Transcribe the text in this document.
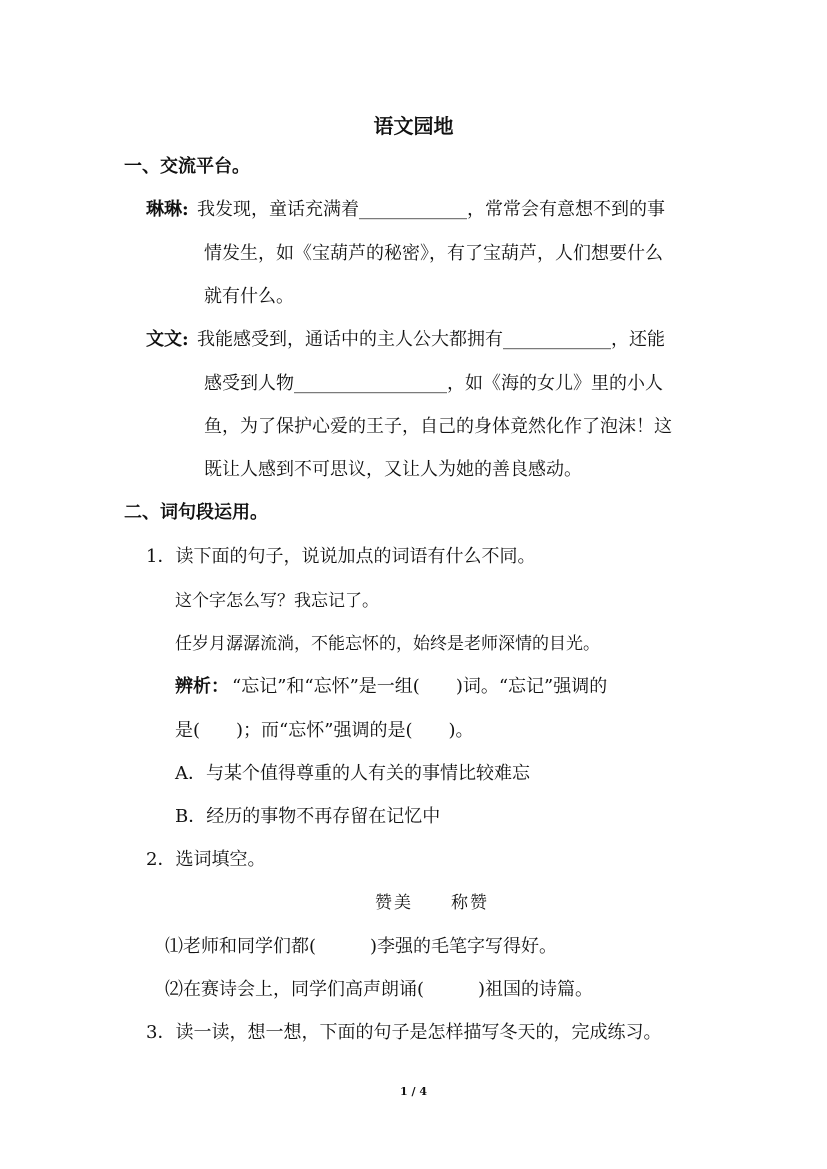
语文园地
一、交流平台。
琳琳: 我发现，童话充满着____________，常常会有意想不到的事
情发生，如《宝葫芦的秘密》，有了宝葫芦，人们想要什么
就有什么。
文文: 我能感受到，通话中的主人公大都拥有____________，还能
感受到人物_________________，如《海的女儿》里的小人
鱼，为了保护心爱的王子，自己的身体竟然化作了泡沫！这
既让人感到不可思议，又让人为她的善良感动。
二、词句段运用。
1．读下面的句子，说说加点的词语有什么不同。
这个字怎么写？我忘记了。
任岁月潺潺流淌，不能忘怀的，始终是老师深情的目光。
辨析： “忘记”和“忘怀”是一组(　　)词。“忘记”强调的
是(　　)；而“忘怀”强调的是(　　)。
A．与某个值得尊重的人有关的事情比较难忘
B．经历的事物不再存留在记忆中
2．选词填空。
赞美　　称赞
⑴老师和同学们都(　　　)李强的毛笔字写得好。
⑵在赛诗会上，同学们高声朗诵(　　　)祖国的诗篇。
3．读一读，想一想，下面的句子是怎样描写冬天的，完成练习。
1 / 4
